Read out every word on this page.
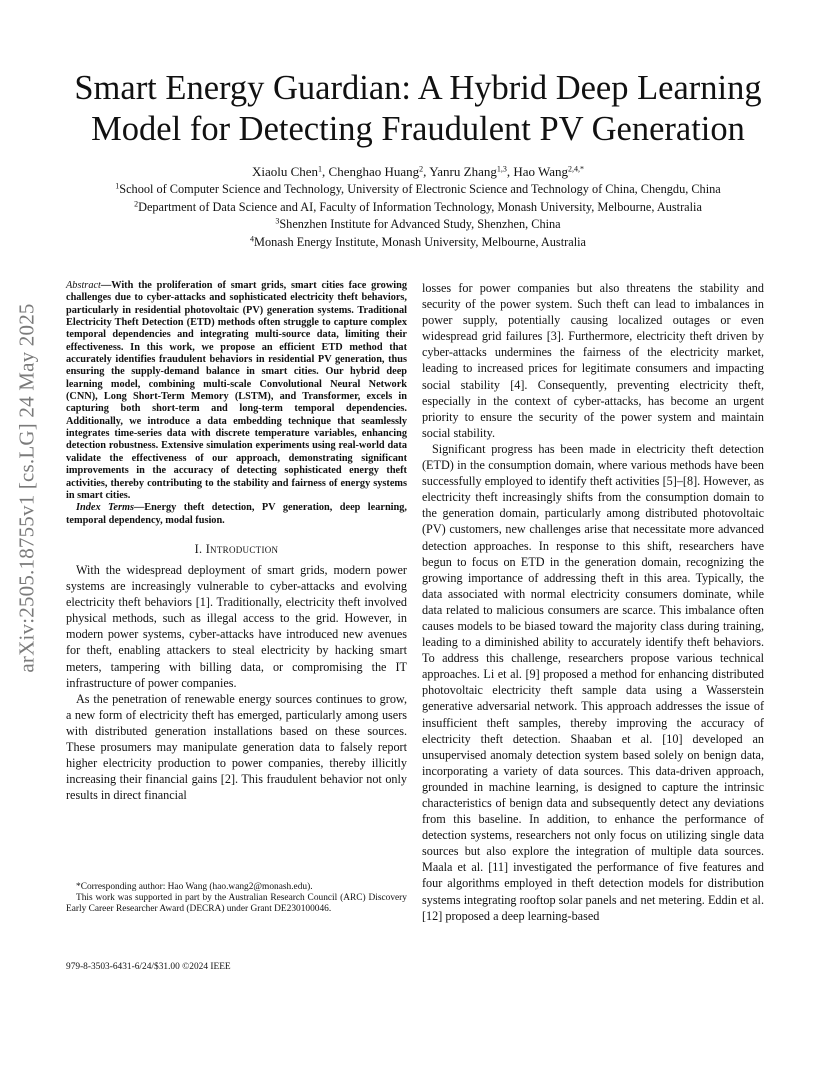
arXiv:2505.18755v1 [cs.LG] 24 May 2025
Smart Energy Guardian: A Hybrid Deep Learning
Model for Detecting Fraudulent PV Generation
Xiaolu Chen$^1$, Chenghao Huang$^2$, Yanru Zhang$^{1,3}$, Hao Wang$^{2,4,*}$
$^1$School of Computer Science and Technology, University of Electronic Science and Technology of China, Chengdu, China
$^2$Department of Data Science and AI, Faculty of Information Technology, Monash University, Melbourne, Australia
$^3$Shenzhen Institute for Advanced Study, Shenzhen, China
$^4$Monash Energy Institute, Monash University, Melbourne, Australia

Abstract—With the proliferation of smart grids, smart cities face growing challenges due to cyber-attacks and sophisticated electricity theft behaviors, particularly in residential photovoltaic (PV) generation systems. Traditional Electricity Theft Detection (ETD) methods often struggle to capture complex temporal dependencies and integrating multi-source data, limiting their effectiveness. In this work, we propose an efficient ETD method that accurately identifies fraudulent behaviors in residential PV generation, thus ensuring the supply-demand balance in smart cities. Our hybrid deep learning model, combining multi-scale Convolutional Neural Network (CNN), Long Short-Term Memory (LSTM), and Transformer, excels in capturing both short-term and long-term temporal dependencies. Additionally, we introduce a data embedding technique that seamlessly integrates time-series data with discrete temperature variables, enhancing detection robustness. Extensive simulation experiments using real-world data validate the effectiveness of our approach, demonstrating significant improvements in the accuracy of detecting sophisticated energy theft activities, thereby contributing to the stability and fairness of energy systems in smart cities.

Index Terms—Energy theft detection, PV generation, deep learning, temporal dependency, modal fusion.

I. Introduction

With the widespread deployment of smart grids, modern power systems are increasingly vulnerable to cyber-attacks and evolving electricity theft behaviors [1]. Traditionally, electricity theft involved physical methods, such as illegal access to the grid. However, in modern power systems, cyber-attacks have introduced new avenues for theft, enabling attackers to steal electricity by hacking smart meters, tampering with billing data, or compromising the IT infrastructure of power companies.

As the penetration of renewable energy sources continues to grow, a new form of electricity theft has emerged, particularly among users with distributed generation installations based on these sources. These prosumers may manipulate generation data to falsely report higher electricity production to power companies, thereby illicitly increasing their financial gains [2]. This fraudulent behavior not only results in direct financial

losses for power companies but also threatens the stability and security of the power system. Such theft can lead to imbalances in power supply, potentially causing localized outages or even widespread grid failures [3]. Furthermore, electricity theft driven by cyber-attacks undermines the fairness of the electricity market, leading to increased prices for legitimate consumers and impacting social stability [4]. Consequently, preventing electricity theft, especially in the context of cyber-attacks, has become an urgent priority to ensure the security of the power system and maintain social stability.

Significant progress has been made in electricity theft detection (ETD) in the consumption domain, where various methods have been successfully employed to identify theft activities [5]–[8]. However, as electricity theft increasingly shifts from the consumption domain to the generation domain, particularly among distributed photovoltaic (PV) customers, new challenges arise that necessitate more advanced detection approaches. In response to this shift, researchers have begun to focus on ETD in the generation domain, recognizing the growing importance of addressing theft in this area. Typically, the data associated with normal electricity consumers dominate, while data related to malicious consumers are scarce. This imbalance often causes models to be biased toward the majority class during training, leading to a diminished ability to accurately identify theft behaviors. To address this challenge, researchers propose various technical approaches. Li et al. [9] proposed a method for enhancing distributed photovoltaic electricity theft sample data using a Wasserstein generative adversarial network. This approach addresses the issue of insufficient theft samples, thereby improving the accuracy of electricity theft detection. Shaaban et al. [10] developed an unsupervised anomaly detection system based solely on benign data, incorporating a variety of data sources. This data-driven approach, grounded in machine learning, is designed to capture the intrinsic characteristics of benign data and subsequently detect any deviations from this baseline. In addition, to enhance the performance of detection systems, researchers not only focus on utilizing single data sources but also explore the integration of multiple data sources. Maala et al. [11] investigated the performance of five features and four algorithms employed in theft detection models for distribution systems integrating rooftop solar panels and net metering. Eddin et al. [12] proposed a deep learning-based

*Corresponding author: Hao Wang (hao.wang2@monash.edu).

This work was supported in part by the Australian Research Council (ARC) Discovery Early Career Researcher Award (DECRA) under Grant DE230100046.

979-8-3503-6431-6/24/$31.00 ©2024 IEEE
